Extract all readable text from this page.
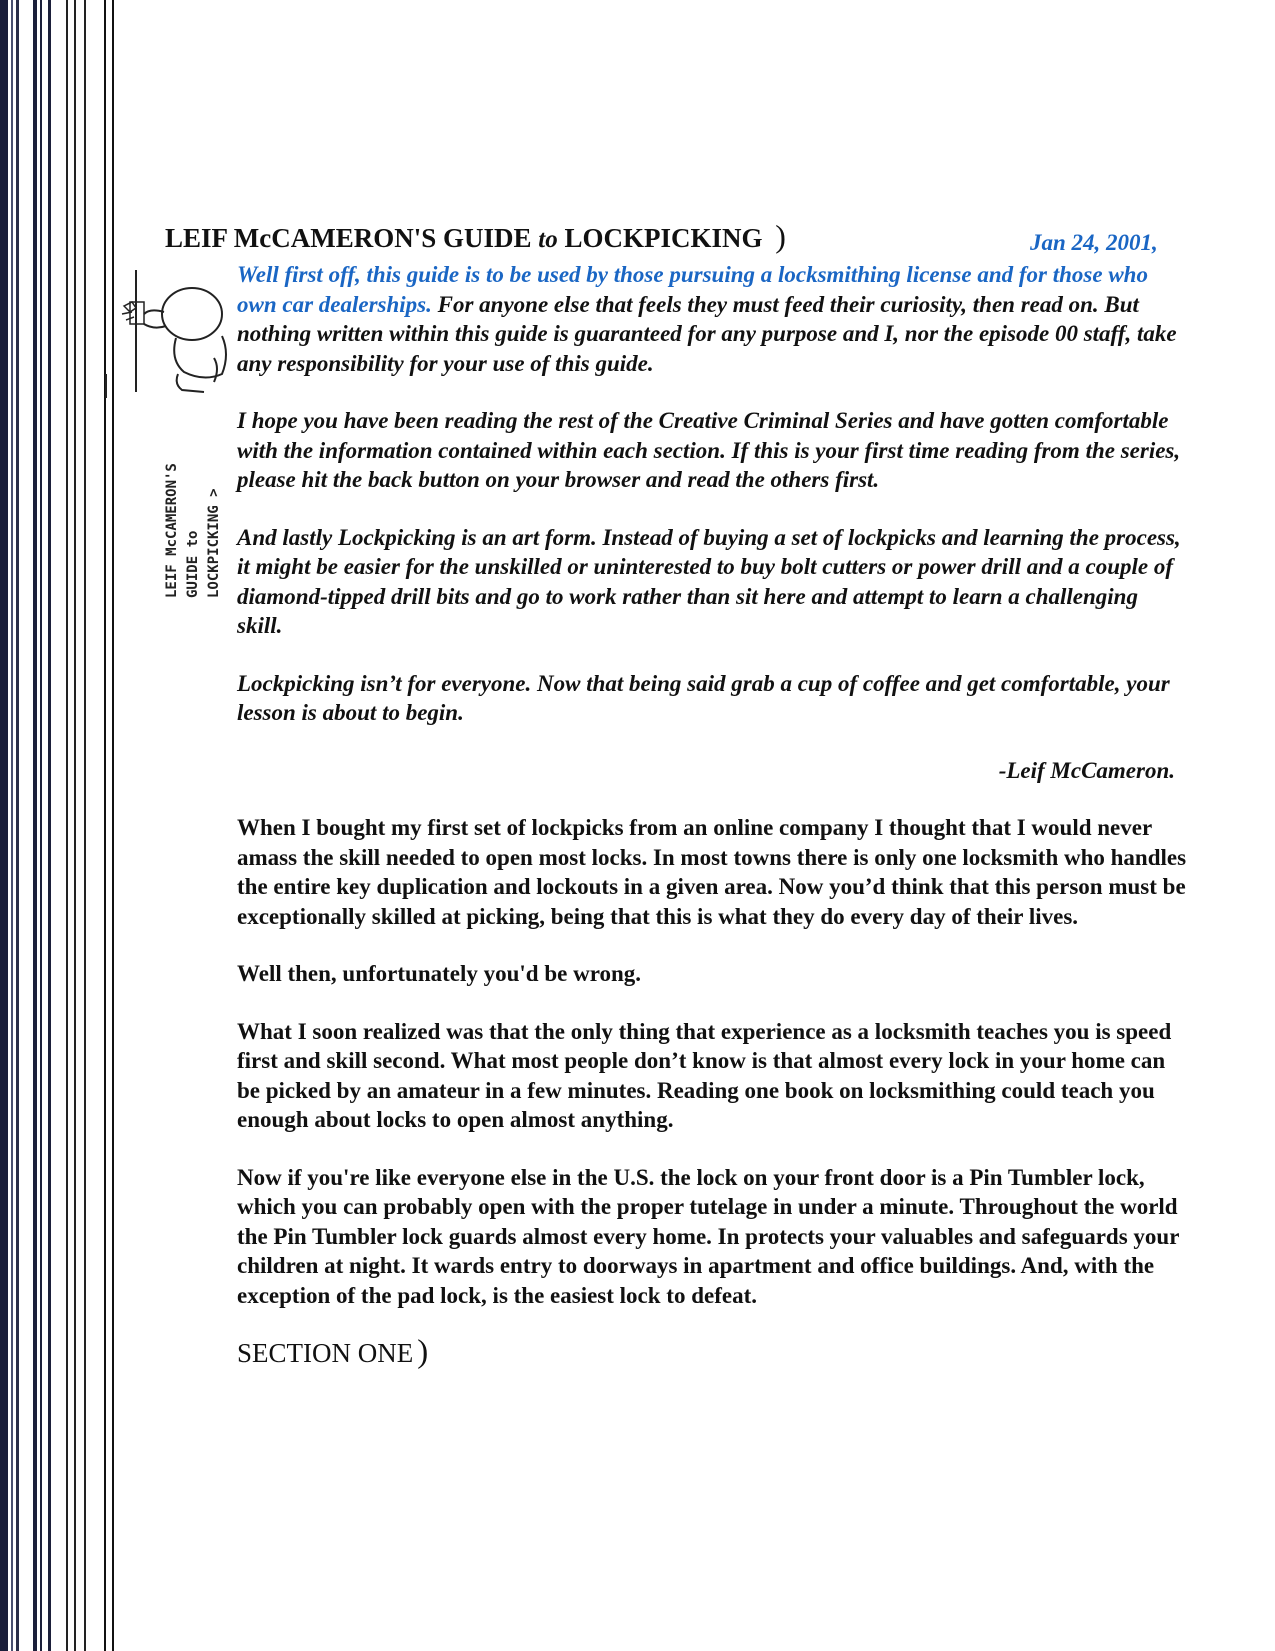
LEIF McCAMERON'S GUIDE to LOCKPICKING )	Jan 24, 2001,
LEIF McCAMERON'S GUIDE to LOCKPICKING >

Well first off, this guide is to be used by those pursuing a locksmithing license and for those who own car dealerships. For anyone else that feels they must feed their curiosity, then read on. But nothing written within this guide is guaranteed for any purpose and I, nor the episode 00 staff, take any responsibility for your use of this guide.

I hope you have been reading the rest of the Creative Criminal Series and have gotten comfortable with the information contained within each section. If this is your first time reading from the series, please hit the back button on your browser and read the others first.

And lastly Lockpicking is an art form. Instead of buying a set of lockpicks and learning the process, it might be easier for the unskilled or uninterested to buy bolt cutters or power drill and a couple of diamond-tipped drill bits and go to work rather than sit here and attempt to learn a challenging skill.

Lockpicking isn’t for everyone. Now that being said grab a cup of coffee and get comfortable, your lesson is about to begin.

-Leif McCameron.

When I bought my first set of lockpicks from an online company I thought that I would never amass the skill needed to open most locks. In most towns there is only one locksmith who handles the entire key duplication and lockouts in a given area. Now you’d think that this person must be exceptionally skilled at picking, being that this is what they do every day of their lives.

Well then, unfortunately you'd be wrong.

What I soon realized was that the only thing that experience as a locksmith teaches you is speed first and skill second. What most people don’t know is that almost every lock in your home can be picked by an amateur in a few minutes. Reading one book on locksmithing could teach you enough about locks to open almost anything.

Now if you're like everyone else in the U.S. the lock on your front door is a Pin Tumbler lock, which you can probably open with the proper tutelage in under a minute. Throughout the world the Pin Tumbler lock guards almost every home. In protects your valuables and safeguards your children at night. It wards entry to doorways in apartment and office buildings. And, with the exception of the pad lock, is the easiest lock to defeat.

SECTION ONE )
